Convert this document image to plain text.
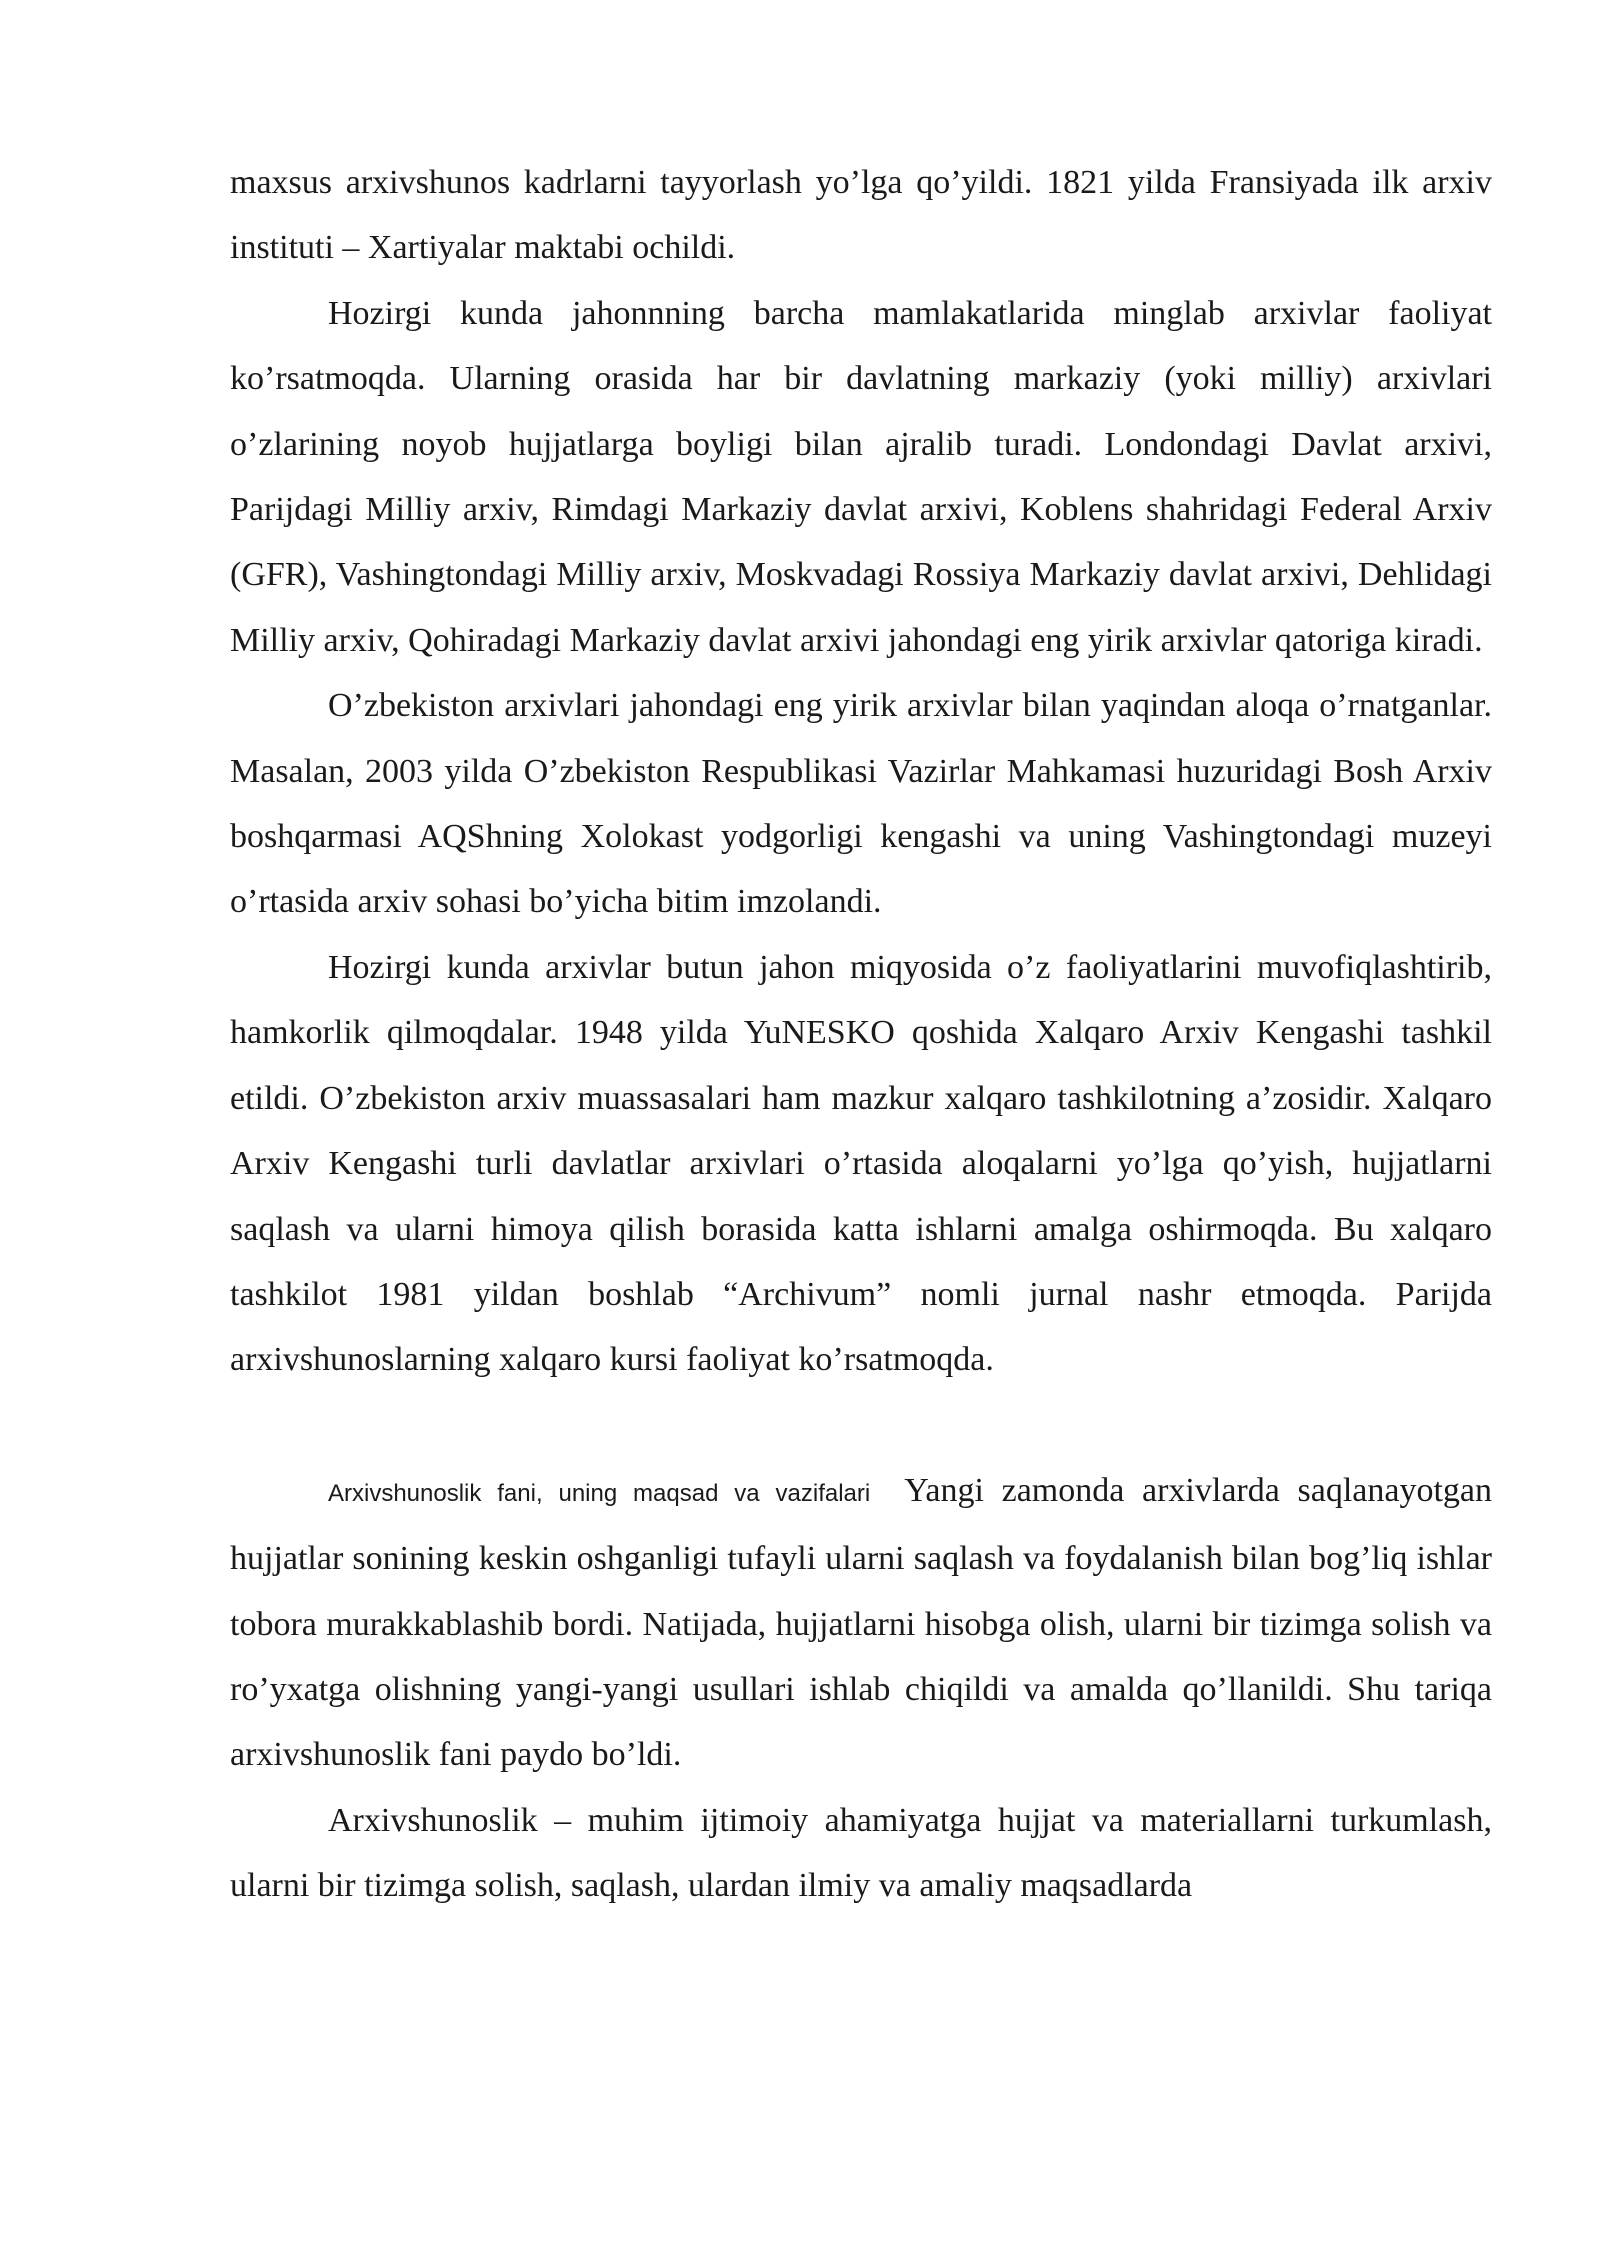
maxsus arxivshunos kadrlarni tayyorlash yo’lga qo’yildi. 1821 yilda Fransiyada ilk arxiv instituti – Xartiyalar maktabi ochildi.

Hozirgi kunda jahonnning barcha mamlakatlarida minglab arxivlar faoliyat ko’rsatmoqda. Ularning orasida har bir davlatning markaziy (yoki milliy) arxivlari o’zlarining noyob hujjatlarga boyligi bilan ajralib turadi. Londondagi Davlat arxivi, Parijdagi Milliy arxiv, Rimdagi Markaziy davlat arxivi, Koblens shahridagi Federal Arxiv (GFR), Vashingtondagi Milliy arxiv, Moskvadagi Rossiya Markaziy davlat arxivi, Dehlidagi Milliy arxiv, Qohiradagi Markaziy davlat arxivi jahondagi eng yirik arxivlar qatoriga kiradi.

O’zbekiston arxivlari jahondagi eng yirik arxivlar bilan yaqindan aloqa o’rnatganlar. Masalan, 2003 yilda O’zbekiston Respublikasi Vazirlar Mahkamasi huzuridagi Bosh Arxiv boshqarmasi AQShning Xolokast yodgorligi kengashi va uning Vashingtondagi muzeyi o’rtasida arxiv sohasi bo’yicha bitim imzolandi.

Hozirgi kunda arxivlar butun jahon miqyosida o’z faoliyatlarini muvofiqlashtirib, hamkorlik qilmoqdalar. 1948 yilda YuNESKO qoshida Xalqaro Arxiv Kengashi tashkil etildi. O’zbekiston arxiv muassasalari ham mazkur xalqaro tashkilotning a’zosidir. Xalqaro Arxiv Kengashi turli davlatlar arxivlari o’rtasida aloqalarni yo’lga qo’yish, hujjatlarni saqlash va ularni himoya qilish borasida katta ishlarni amalga oshirmoqda. Bu xalqaro tashkilot 1981 yildan boshlab “Archivum” nomli jurnal nashr etmoqda. Parijda arxivshunoslarning xalqaro kursi faoliyat ko’rsatmoqda.

Arxivshunoslik fani, uning maqsad va vazifalari Yangi zamonda arxivlarda saqlanayotgan hujjatlar sonining keskin oshganligi tufayli ularni saqlash va foydalanish bilan bog’liq ishlar tobora murakkablashib bordi. Natijada, hujjatlarni hisobga olish, ularni bir tizimga solish va ro’yxatga olishning yangi-yangi usullari ishlab chiqildi va amalda qo’llanildi. Shu tariqa arxivshunoslik fani paydo bo’ldi.

Arxivshunoslik – muhim ijtimoiy ahamiyatga hujjat va materiallarni turkumlash, ularni bir tizimga solish, saqlash, ulardan ilmiy va amaliy maqsadlarda
